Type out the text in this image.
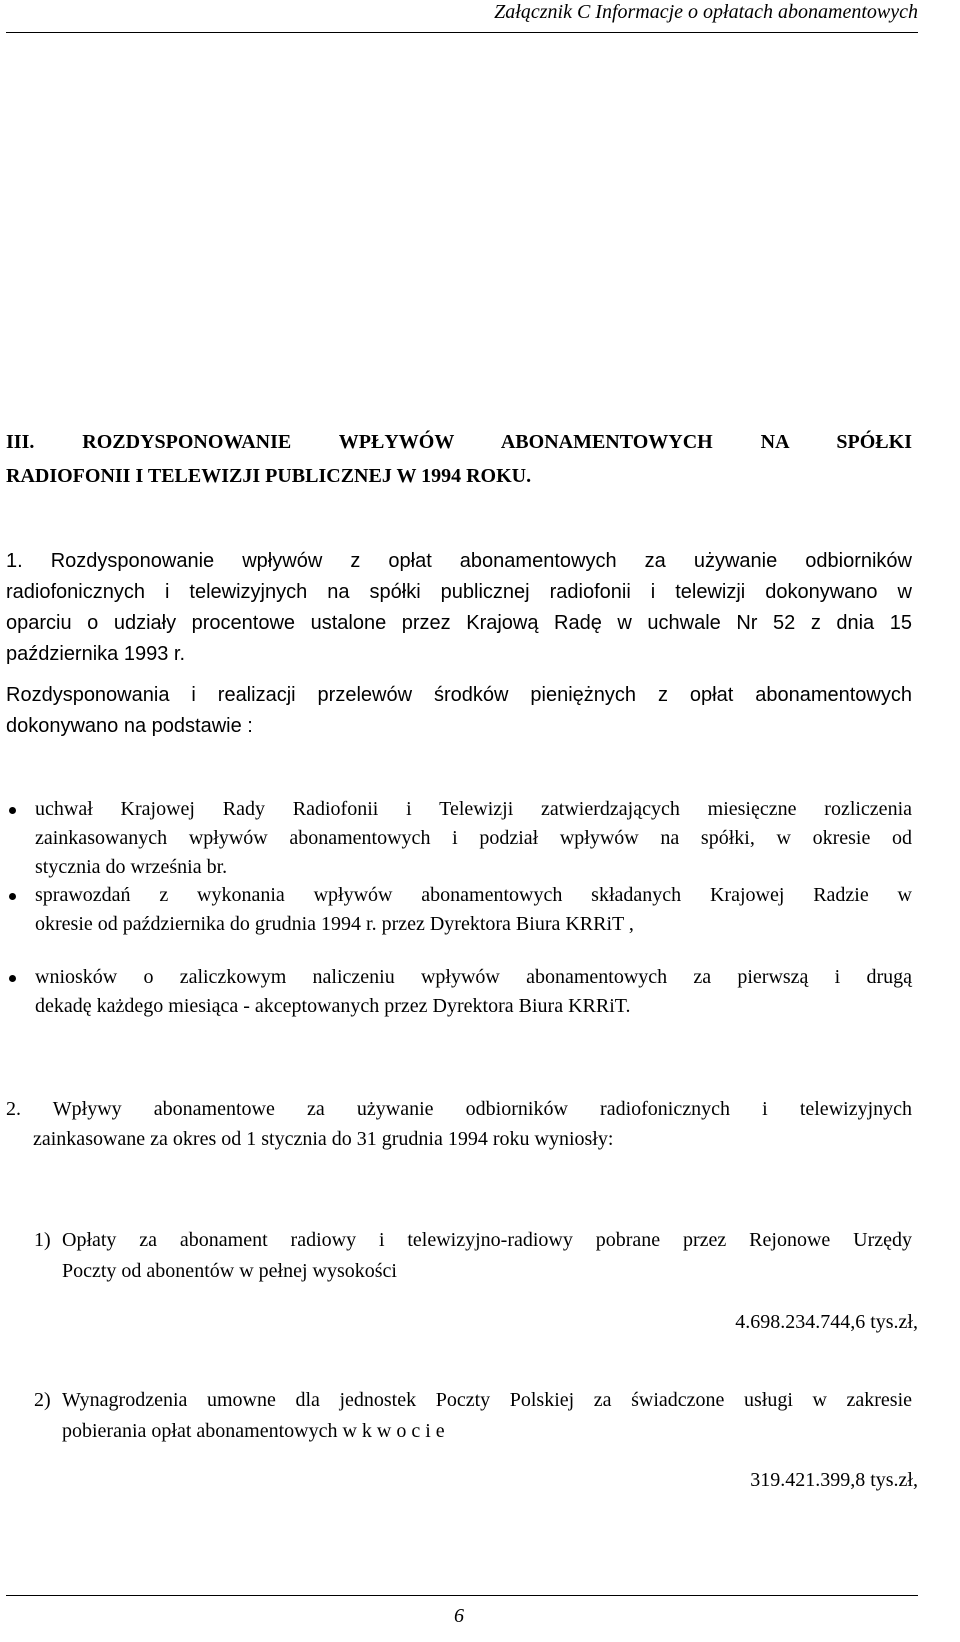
Załącznik C Informacje o opłatach abonamentowych
III. ROZDYSPONOWANIE WPŁYWÓW ABONAMENTOWYCH NA SPÓŁKI
RADIOFONII I TELEWIZJI PUBLICZNEJ W 1994 ROKU.
1. Rozdysponowanie wpływów z opłat abonamentowych za używanie odbiorników
radiofonicznych i telewizyjnych na spółki publicznej radiofonii i telewizji dokonywano w
oparciu o udziały procentowe ustalone przez Krajową Radę w uchwale Nr 52 z dnia 15
października 1993 r.
Rozdysponowania i realizacji przelewów środków pieniężnych z opłat abonamentowych
dokonywano na podstawie :
uchwał Krajowej Rady Radiofonii i Telewizji zatwierdzających miesięczne rozliczenia
zainkasowanych wpływów abonamentowych i podział wpływów na spółki, w okresie od
stycznia do września br.
sprawozdań z wykonania wpływów abonamentowych składanych Krajowej Radzie w
okresie od października do grudnia 1994 r. przez Dyrektora Biura KRRiT ,
wniosków o zaliczkowym naliczeniu wpływów abonamentowych za pierwszą i drugą
dekadę każdego miesiąca - akceptowanych przez Dyrektora Biura KRRiT.
2. Wpływy abonamentowe za używanie odbiorników radiofonicznych i telewizyjnych
zainkasowane za okres od 1 stycznia do 31 grudnia 1994 roku wyniosły:
1) Opłaty za abonament radiowy i telewizyjno-radiowy pobrane przez Rejonowe Urzędy
Poczty od abonentów w pełnej wysokości
4.698.234.744,6 tys.zł,
2) Wynagrodzenia umowne dla jednostek Poczty Polskiej za świadczone usługi w zakresie
pobierania opłat abonamentowych w k w o c i e
319.421.399,8 tys.zł,
6
